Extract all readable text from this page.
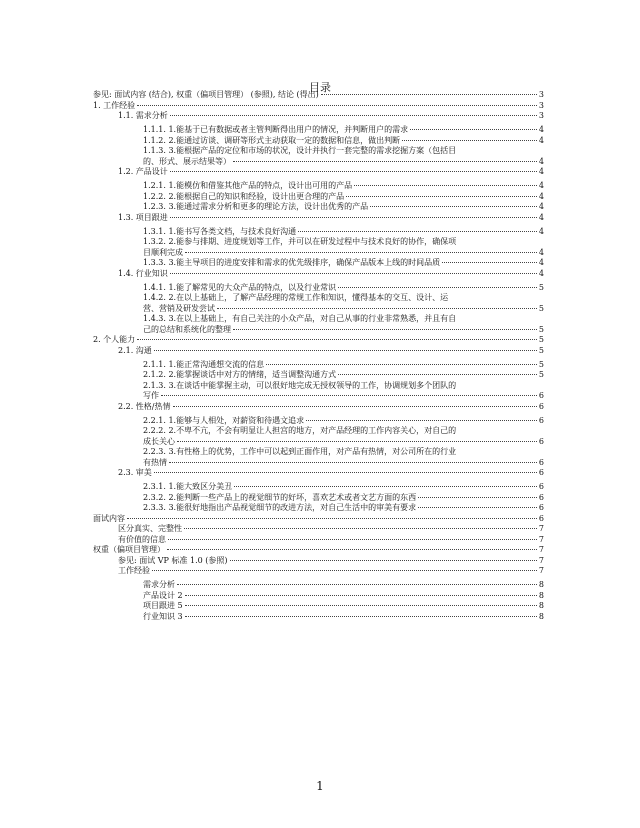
目录
参见: 面试内容 (结合), 权重（偏项目管理） (参照), 结论 (得出)	3
1. 工作经验	3
1.1. 需求分析	3
1.1.1. 1.能基于已有数据或者主管判断得出用户的情况，并判断用户的需求	4
1.1.2. 2.能通过访谈、调研等形式主动获取一定的数据和信息，做出判断	4
1.1.3. 3.能根据产品的定位和市场的状况，设计并执行一套完整的需求挖掘方案（包括目
的、形式、展示结果等）	4
1.2. 产品设计	4
1.2.1. 1.能模仿和借鉴其他产品的特点，设计出可用的产品	4
1.2.2. 2.能根据自己的知识和经验，设计出更合理的产品	4
1.2.3. 3.能通过需求分析和更多的理论方法，设计出优秀的产品	4
1.3. 项目跟进	4
1.3.1. 1.能书写各类文档，与技术良好沟通	4
1.3.2. 2.能参与排期、进度规划等工作，并可以在研发过程中与技术良好的协作，确保项
目顺利完成	4
1.3.3. 3.能主导项目的进度安排和需求的优先级排序，确保产品版本上线的时间品质	4
1.4. 行业知识	4
1.4.1. 1.能了解常见的大众产品的特点，以及行业常识	5
1.4.2. 2.在以上基础上，了解产品经理的常规工作和知识，懂得基本的交互、设计、运
营、营销及研发尝试	5
1.4.3. 3.在以上基础上，有自己关注的小众产品，对自己从事的行业非常熟悉，并且有自
己的总结和系统化的整理	5
2. 个人能力	5
2.1. 沟通	5
2.1.1. 1.能正常沟通想交流的信息	5
2.1.2. 2.能掌握谈话中对方的情绪，适当调整沟通方式	5
2.1.3. 3.在谈话中能掌握主动，可以很好地完成无授权领导的工作，协调规划多个团队的
写作	6
2.2. 性格/热情	6
2.2.1. 1.能够与人相处，对薪资和待遇文追求	6
2.2.2. 2.不卑不亢，不会有明显让人担宫的地方，对产品经理的工作内容关心，对自己的
成长关心	6
2.2.3. 3.有性格上的优势，工作中可以起到正面作用，对产品有热情，对公司所在的行业
有热情	6
2.3. 审美	6
2.3.1. 1.能大致区分美丑	6
2.3.2. 2.能判断一些产品上的视觉细节的好坏，喜欢艺术或者文艺方面的东西	6
2.3.3. 3.能很好地指出产品视觉细节的改进方法，对自己生活中的审美有要求	6
面试内容	6
区分真实、完整性	7
有价值的信息	7
权重（偏项目管理）	7
参见: 面试 VP 标准 1.0 (参照)	7
工作经验	7
需求分析	8
产品设计 2	8
项目跟进 5	8
行业知识 3	8
1
